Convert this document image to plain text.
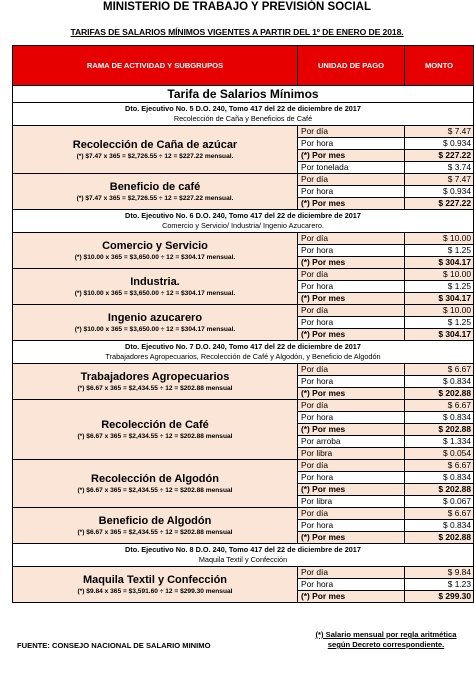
MINISTERIO DE TRABAJO Y PREVISIÓN SOCIAL
TARIFAS DE SALARIOS MÍNIMOS VIGENTES A PARTIR DEL 1º DE ENERO DE 2018.
RAMA DE ACTIVIDAD Y SUBGRUPOS	UNIDAD DE PAGO	MONTO
Tarifa de Salarios Mínimos		

Dto. Ejecutivo No. 5 D.O. 240, Tomo 417 del 22 de diciembre de 2017
Recolección de Caña y Beneficios de Café		

Recolección de Caña de azúcar
(*) $7.47 x 365 = $2,726.55 ÷ 12 = $227.22 mensual.	Por día	$ 7.47
	Por hora	$ 0.934
	(*) Por mes	$ 227.22
	Por tonelada	$ 3.74

Beneficio de café
(*) $7.47 x 365 = $2,726.55 ÷ 12 = $227.22 mensual.	Por día	$ 7.47
	Por hora	$ 0.934
	(*) Por mes	$ 227.22

Dto. Ejecutivo No. 6 D.O. 240, Tomo 417 del 22 de diciembre de 2017
Comercio y Servicio/ Industria/ Ingenio Azucarero.		

Comercio y Servicio
(*) $10.00 x 365 = $3,650.00 ÷ 12 = $304.17 mensual.	Por día	$ 10.00
	Por hora	$ 1.25
	(*) Por mes	$ 304.17

Industria.
(*) $10.00 x 365 = $3,650.00 ÷ 12 = $304.17 mensual.	Por día	$ 10.00
	Por hora	$ 1.25
	(*) Por mes	$ 304.17

Ingenio azucarero
(*) $10.00 x 365 = $3,650.00 ÷ 12 = $304.17 mensual.	Por día	$ 10.00
	Por hora	$ 1.25
	(*) Por mes	$ 304.17

Dto. Ejecutivo No. 7 D.O. 240, Tomo 417 del 22 de diciembre de 2017
Trabajadores Agropecuarios, Recolección de Café y Algodón, y Beneficio de Algodón		

Trabajadores Agropecuarios
(*) $6.67 x 365 = $2,434.55 ÷ 12 = $202.88 mensual	Por día	$ 6.67
	Por hora	$ 0.834
	(*) Por mes	$ 202.88

Recolección de Café
(*) $6.67 x 365 = $2,434.55 ÷ 12 = $202.88 mensual	Por día	$ 6.67
	Por hora	$ 0.834
	(*) Por mes	$ 202.88
	Por arroba	$ 1.334
	Por libra	$ 0.054

Recolección de Algodón
(*) $6.67 x 365 = $2,434.55 ÷ 12 = $202.88 mensual	Por día	$ 6.67
	Por hora	$ 0.834
	(*) Por mes	$ 202.88
	Por libra	$ 0.067

Beneficio de Algodón
(*) $6.67 x 365 = $2,434.55 ÷ 12 = $202.88 mensual	Por día	$ 6.67
	Por hora	$ 0.834
	(*) Por mes	$ 202.88

Dto. Ejecutivo No. 8 D.O. 240, Tomo 417 del 22 de diciembre de 2017
Maquila Textil y Confección		

Maquila Textil y Confección
(*) $9.84 x 365 = $3,591.60 ÷ 12 = $299.30 mensual	Por día	$ 9.84
	Por hora	$ 1.23
	(*) Por mes	$ 299.30
FUENTE: CONSEJO NACIONAL DE SALARIO MINIMO
(*) Salario mensual por regla aritmética
según Decreto correspondiente.
